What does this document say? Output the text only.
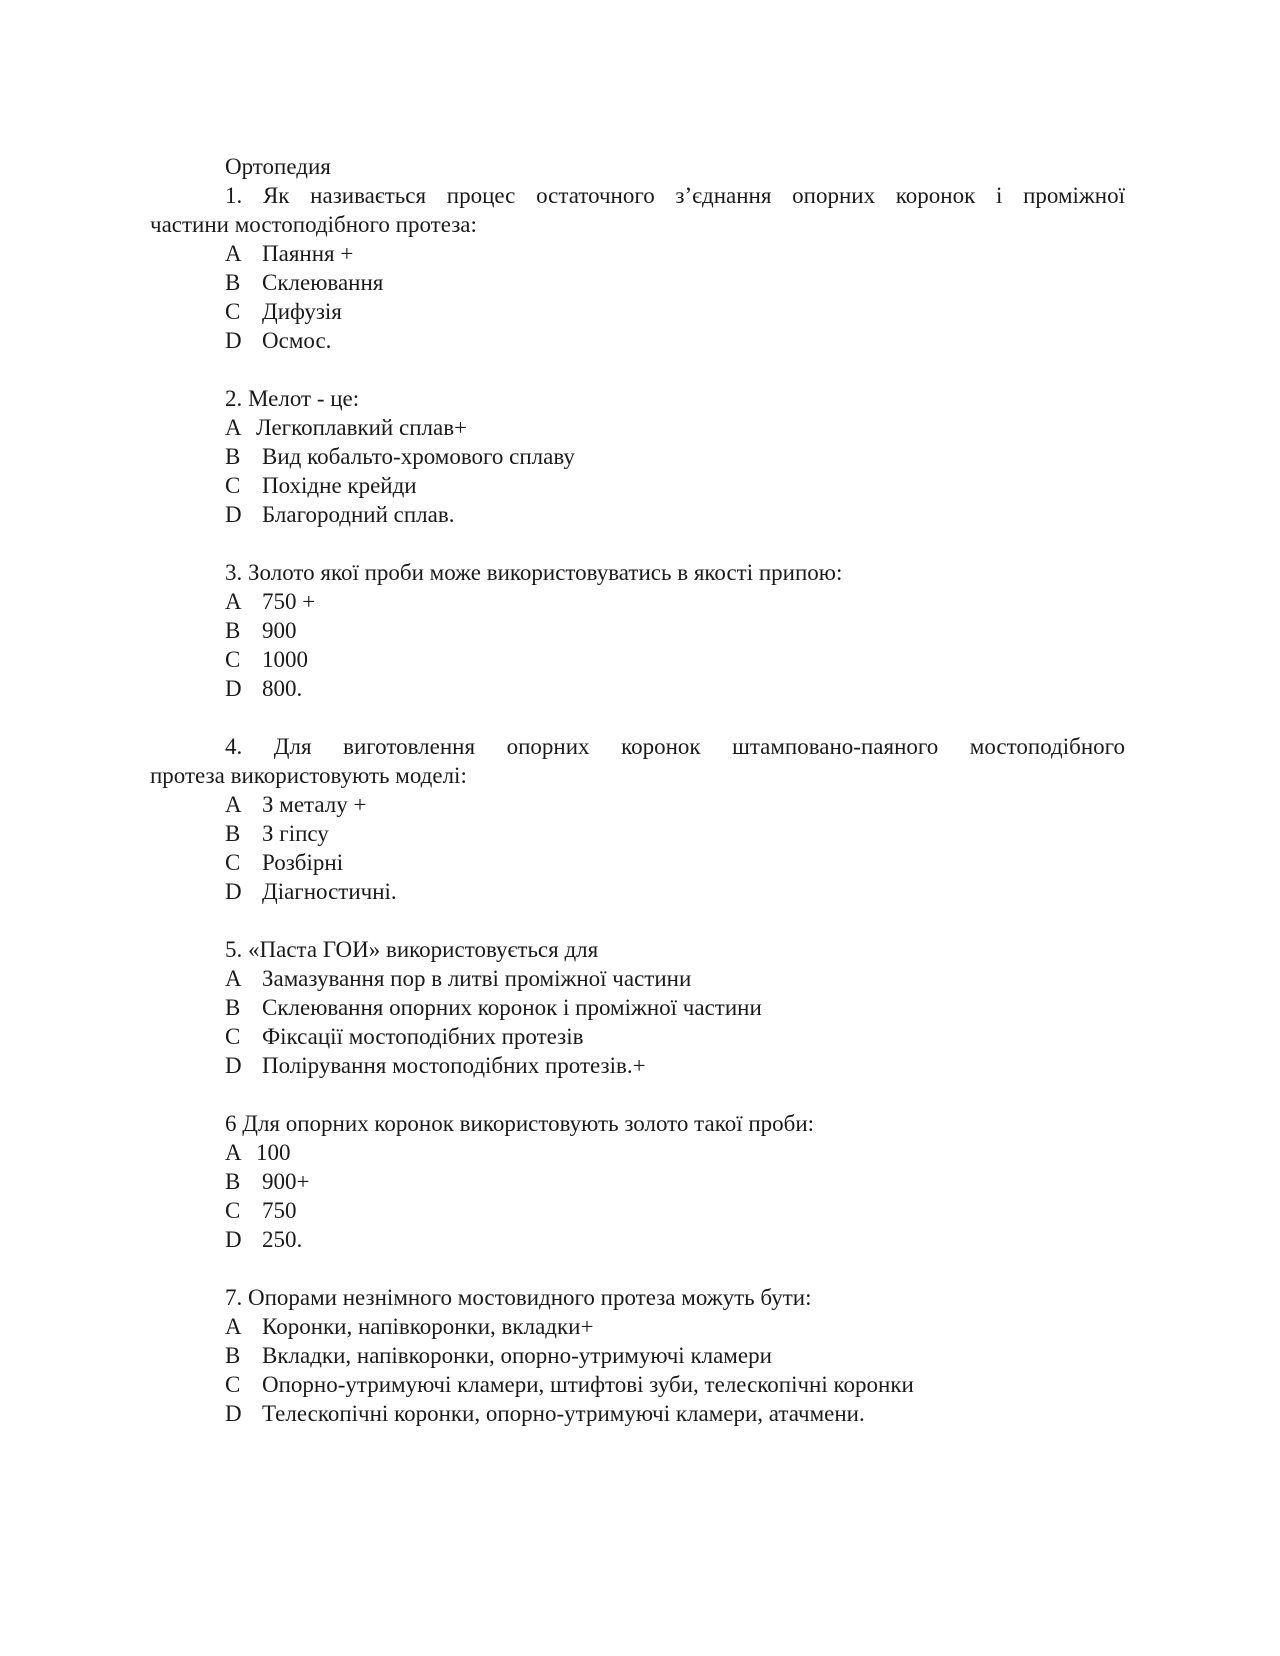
Ортопедия
1. Як називається процес остаточного з’єднання опорних коронок і проміжної
частини мостоподібного протеза:
A Паяння +
B Склеювання
C Дифузія
D Осмос.
2. Мелот - це:
A Легкоплавкий сплав+
B Вид кобальто-хромового сплаву
C Похідне крейди
D Благородний сплав.
3. Золото якої проби може використовуватись в якості припою:
A 750 +
B 900
C 1000
D 800.
4. Для виготовлення опорних коронок штамповано-паяного мостоподібного
протеза використовують моделі:
A З металу +
B З гіпсу
C Розбірні
D Діагностичні.
5. «Паста ГОИ» використовується для
A Замазування пор в литві проміжної частини
B Склеювання опорних коронок і проміжної частини
C Фіксації мостоподібних протезів
D Полірування мостоподібних протезів.+
6 Для опорних коронок використовують золото такої проби:
A 100
B 900+
C 750
D 250.
7. Опорами незнімного мостовидного протеза можуть бути:
A Коронки, напівкоронки, вкладки+
B Вкладки, напівкоронки, опорно-утримуючі кламери
C Опорно-утримуючі кламери, штифтові зуби, телескопічні коронки
D Телескопічні коронки, опорно-утримуючі кламери, атачмени.
